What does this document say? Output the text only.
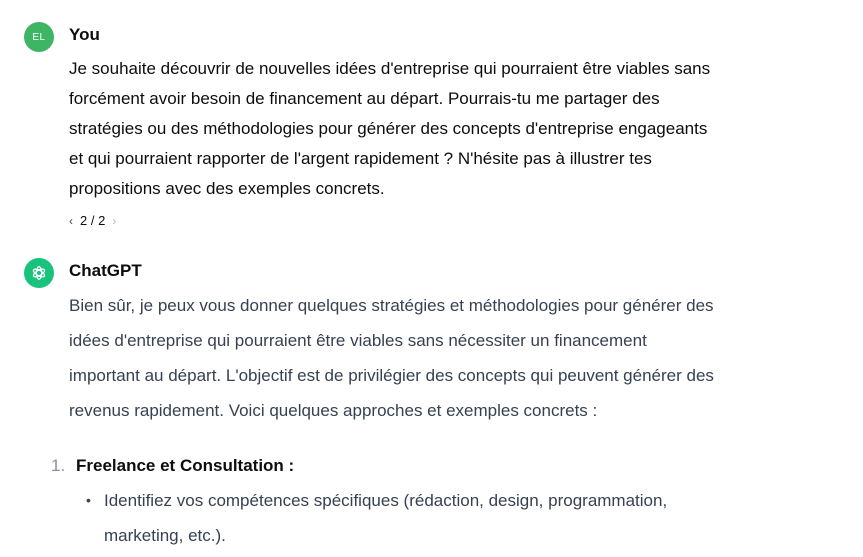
EL You

Je souhaite découvrir de nouvelles idées d'entreprise qui pourraient être viables sans

forcément avoir besoin de financement au départ. Pourrais-tu me partager des

stratégies ou des méthodologies pour générer des concepts d'entreprise engageants

et qui pourraient rapporter de l'argent rapidement ? N'hésite pas à illustrer tes

propositions avec des exemples concrets.

‹ 2 / 2 ›
ChatGPT

Bien sûr, je peux vous donner quelques stratégies et méthodologies pour générer des

idées d'entreprise qui pourraient être viables sans nécessiter un financement

important au départ. L'objectif est de privilégier des concepts qui peuvent générer des

revenus rapidement. Voici quelques approches et exemples concrets :

1. Freelance et Consultation :
• Identifiez vos compétences spécifiques (rédaction, design, programmation,
marketing, etc.).
